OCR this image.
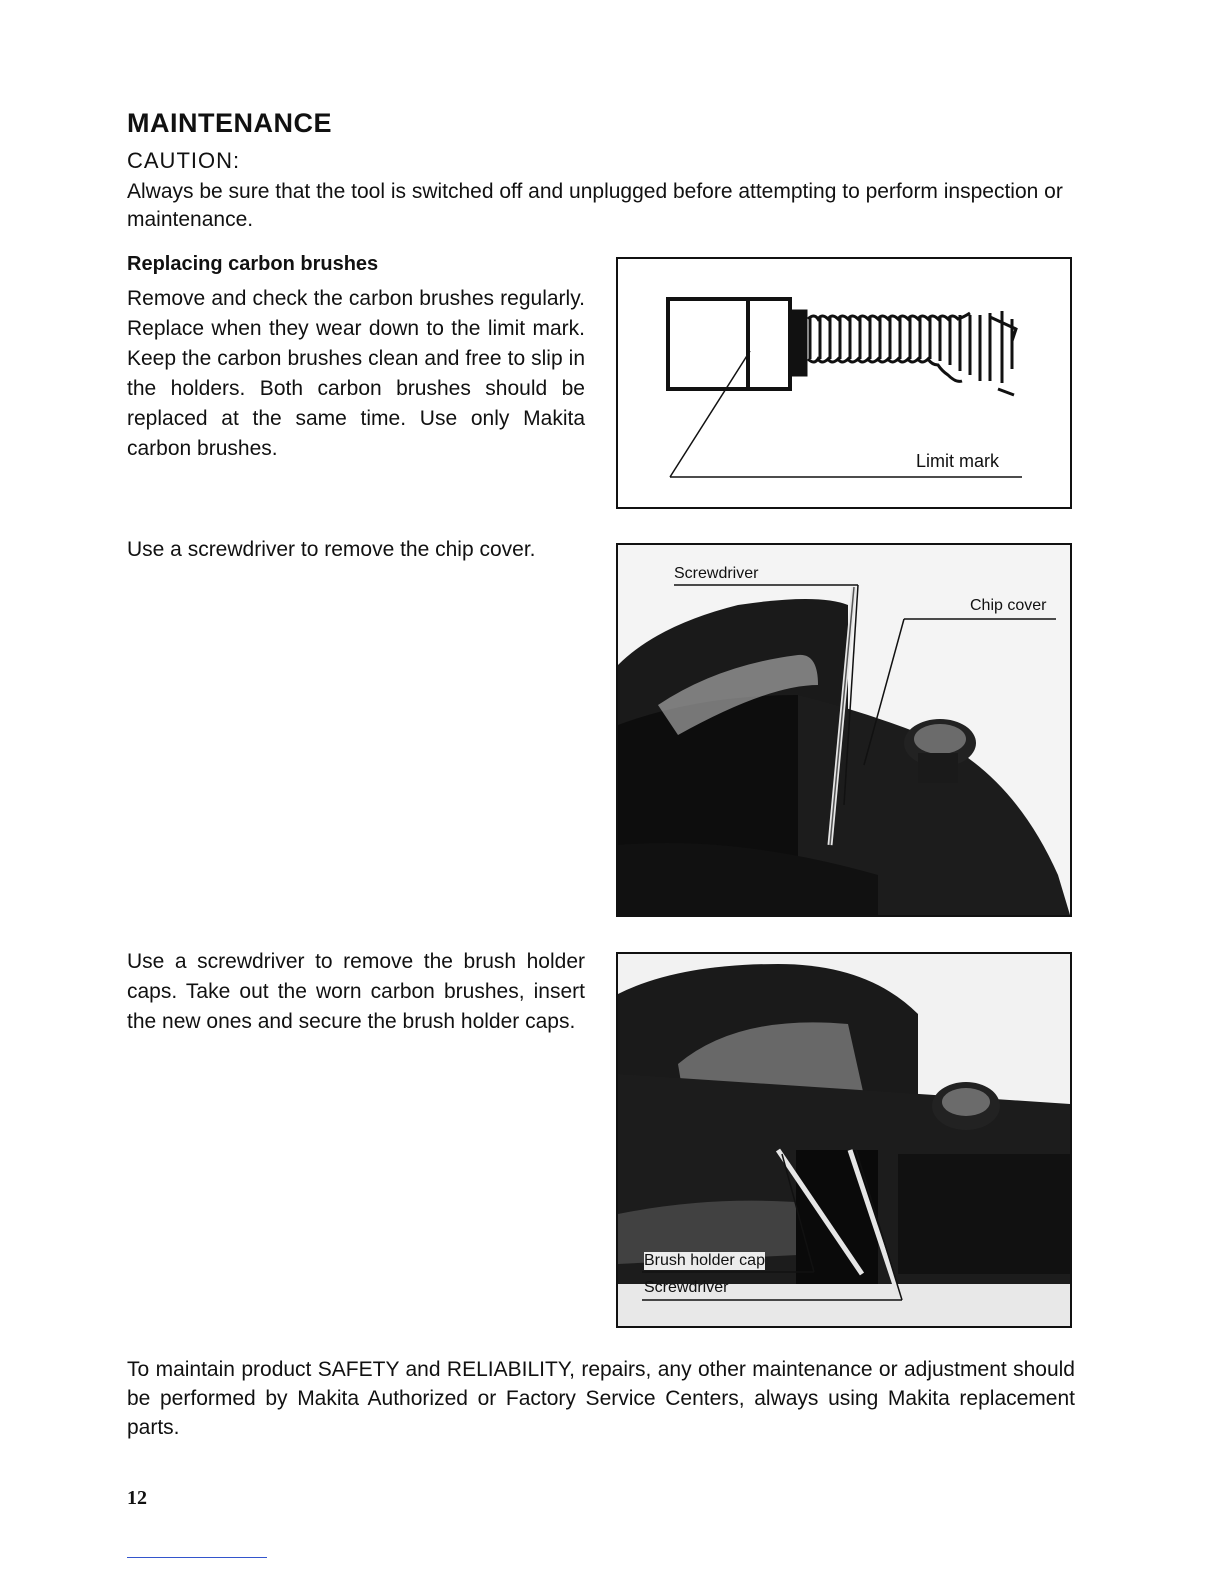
MAINTENANCE
CAUTION:
Always be sure that the tool is switched off and unplugged before attempting to perform inspection or maintenance.
Replacing carbon brushes
Remove and check the carbon brushes regularly. Replace when they wear down to the limit mark. Keep the carbon brushes clean and free to slip in the holders. Both carbon brushes should be replaced at the same time. Use only Makita carbon brushes.
Use a screwdriver to remove the chip cover.
Use a screwdriver to remove the brush holder caps. Take out the worn carbon brushes, insert the new ones and secure the brush holder caps.
To maintain product SAFETY and RELIABILITY, repairs, any other maintenance or adjustment should be performed by Makita Authorized or Factory Service Centers, always using Makita replacement parts.
12
Limit mark
Screwdriver
Chip cover
Brush holder cap
Screwdriver
